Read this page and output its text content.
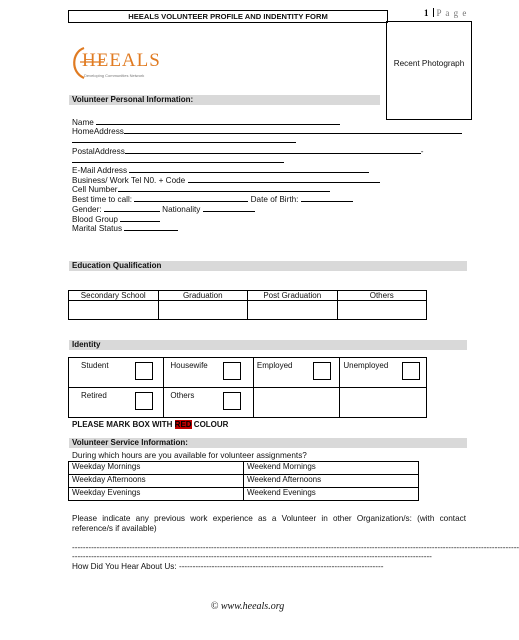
HEEALS VOLUNTEER PROFILE AND INDENTITY FORM	1 P a g e
Recent Photograph
HEEALS
Developing Communities Network
Volunteer Personal Information:
Name
HomeAddress
PostalAddress	-
E-Mail Address
Business/ Work Tel N0. + Code
Cell Number
Best time to call:	Date of Birth:
Gender:	Nationality
Blood Group
Marital Status
Education Qualification
Secondary School	Graduation	Post Graduation	Others

Identity
Student	Housewife	Employed	Unemployed
Retired	Others		
PLEASE MARK BOX WITH RED COLOUR
Volunteer Service Information:
During which hours are you available for volunteer assignments?
Weekday Mornings	Weekend Mornings
Weekday Afternoons	Weekend Afternoons
Weekday Evenings	Weekend Evenings
Please indicate any previous work experience as a Volunteer in other Organization/s: (with contact reference/s if available)
--------------------------------------------------------------------------------------------------------------------------------------------------------------------
------------------------------------------------------------------------------------------------------------------------------------
How Did You Hear About Us: ---------------------------------------------------------------------------
© www.heeals.org
